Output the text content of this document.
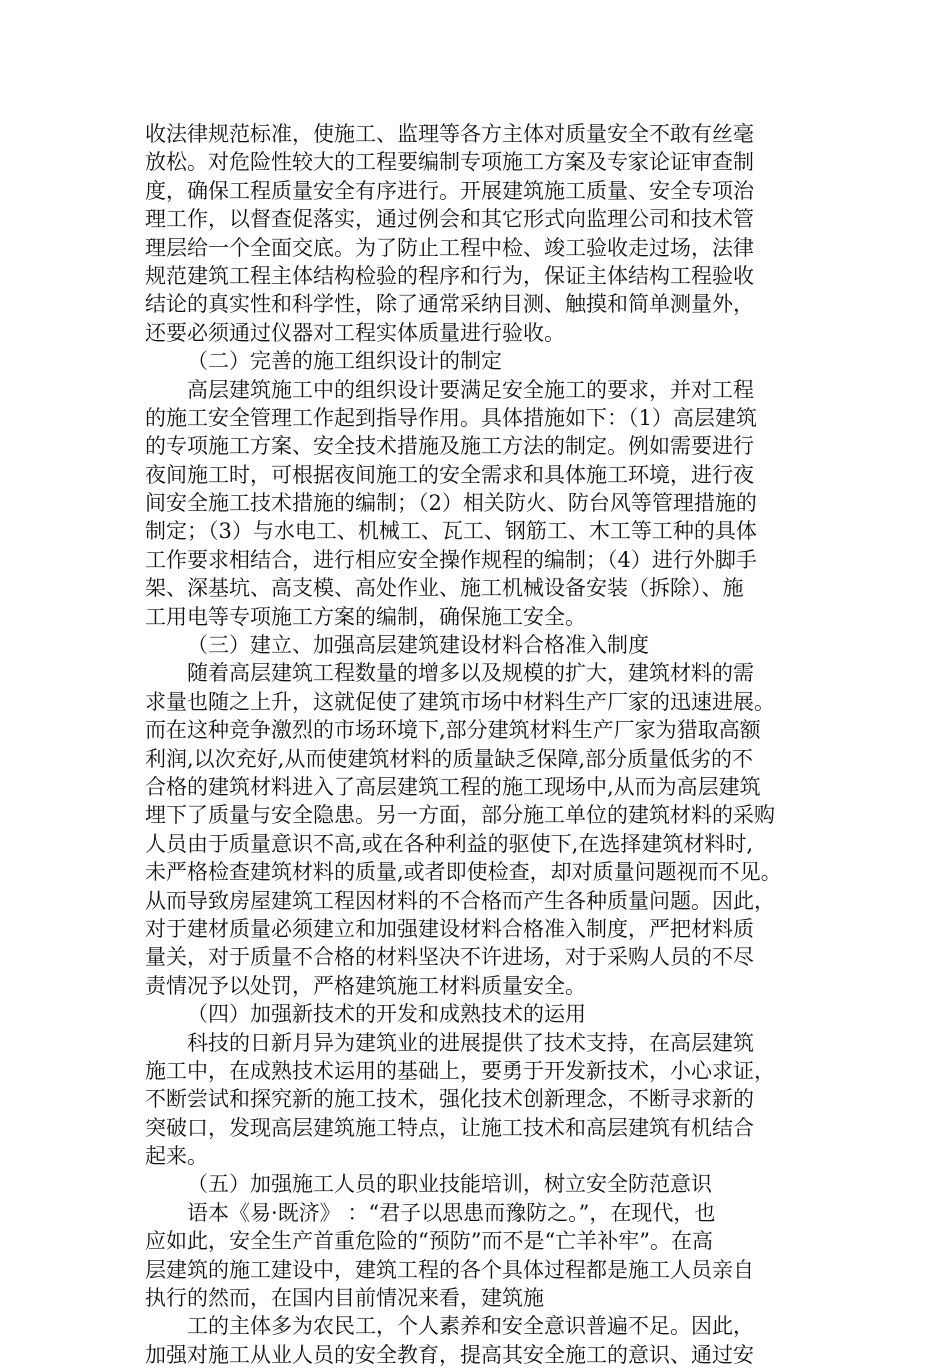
收法律规范标准，使施工、监理等各方主体对质量安全不敢有丝毫
放松。对危险性较大的工程要编制专项施工方案及专家论证审查制
度，确保工程质量安全有序进行。开展建筑施工质量、安全专项治
理工作，以督查促落实，通过例会和其它形式向监理公司和技术管
理层给一个全面交底。为了防止工程中检、竣工验收走过场，法律
规范建筑工程主体结构检验的程序和行为，保证主体结构工程验收
结论的真实性和科学性，除了通常采纳目测、触摸和简单测量外，
还要必须通过仪器对工程实体质量进行验收。

（二）完善的施工组织设计的制定

高层建筑施工中的组织设计要满足安全施工的要求，并对工程
的施工安全管理工作起到指导作用。具体措施如下：（1）高层建筑
的专项施工方案、安全技术措施及施工方法的制定。例如需要进行
夜间施工时，可根据夜间施工的安全需求和具体施工环境，进行夜
间安全施工技术措施的编制；（2）相关防火、防台风等管理措施的
制定；（3）与水电工、机械工、瓦工、钢筋工、木工等工种的具体
工作要求相结合，进行相应安全操作规程的编制；（4）进行外脚手
架、深基坑、高支模、高处作业、施工机械设备安装（拆除）、施
工用电等专项施工方案的编制，确保施工安全。

（三）建立、加强高层建筑建设材料合格准入制度

随着高层建筑工程数量的增多以及规模的扩大，建筑材料的需
求量也随之上升，这就促使了建筑市场中材料生产厂家的迅速进展。
而在这种竞争激烈的市场环境下,部分建筑材料生产厂家为猎取高额
利润,以次充好,从而使建筑材料的质量缺乏保障,部分质量低劣的不
合格的建筑材料进入了高层建筑工程的施工现场中,从而为高层建筑
埋下了质量与安全隐患。另一方面，部分施工单位的建筑材料的采购
人员由于质量意识不高,或在各种利益的驱使下,在选择建筑材料时,
未严格检查建筑材料的质量,或者即使检查，却对质量问题视而不见。
从而导致房屋建筑工程因材料的不合格而产生各种质量问题。因此，
对于建材质量必须建立和加强建设材料合格准入制度，严把材料质
量关，对于质量不合格的材料坚决不许进场，对于采购人员的不尽
责情况予以处罚，严格建筑施工材料质量安全。

（四）加强新技术的开发和成熟技术的运用

科技的日新月异为建筑业的进展提供了技术支持，在高层建筑
施工中，在成熟技术运用的基础上，要勇于开发新技术，小心求证，
不断尝试和探究新的施工技术，强化技术创新理念，不断寻求新的
突破口，发现高层建筑施工特点，让施工技术和高层建筑有机结合
起来。

（五）加强施工人员的职业技能培训，树立安全防范意识

语本《易·既济》 ：“君子以思患而豫防之。”，在现代，也
应如此，安全生产首重危险的“预防”而不是“亡羊补牢”。在高
层建筑的施工建设中，建筑工程的各个具体过程都是施工人员亲自
执行的然而，在国内目前情况来看，建筑施

工的主体多为农民工，个人素养和安全意识普遍不足。因此，
加强对施工从业人员的安全教育，提高其安全施工的意识、通过安
